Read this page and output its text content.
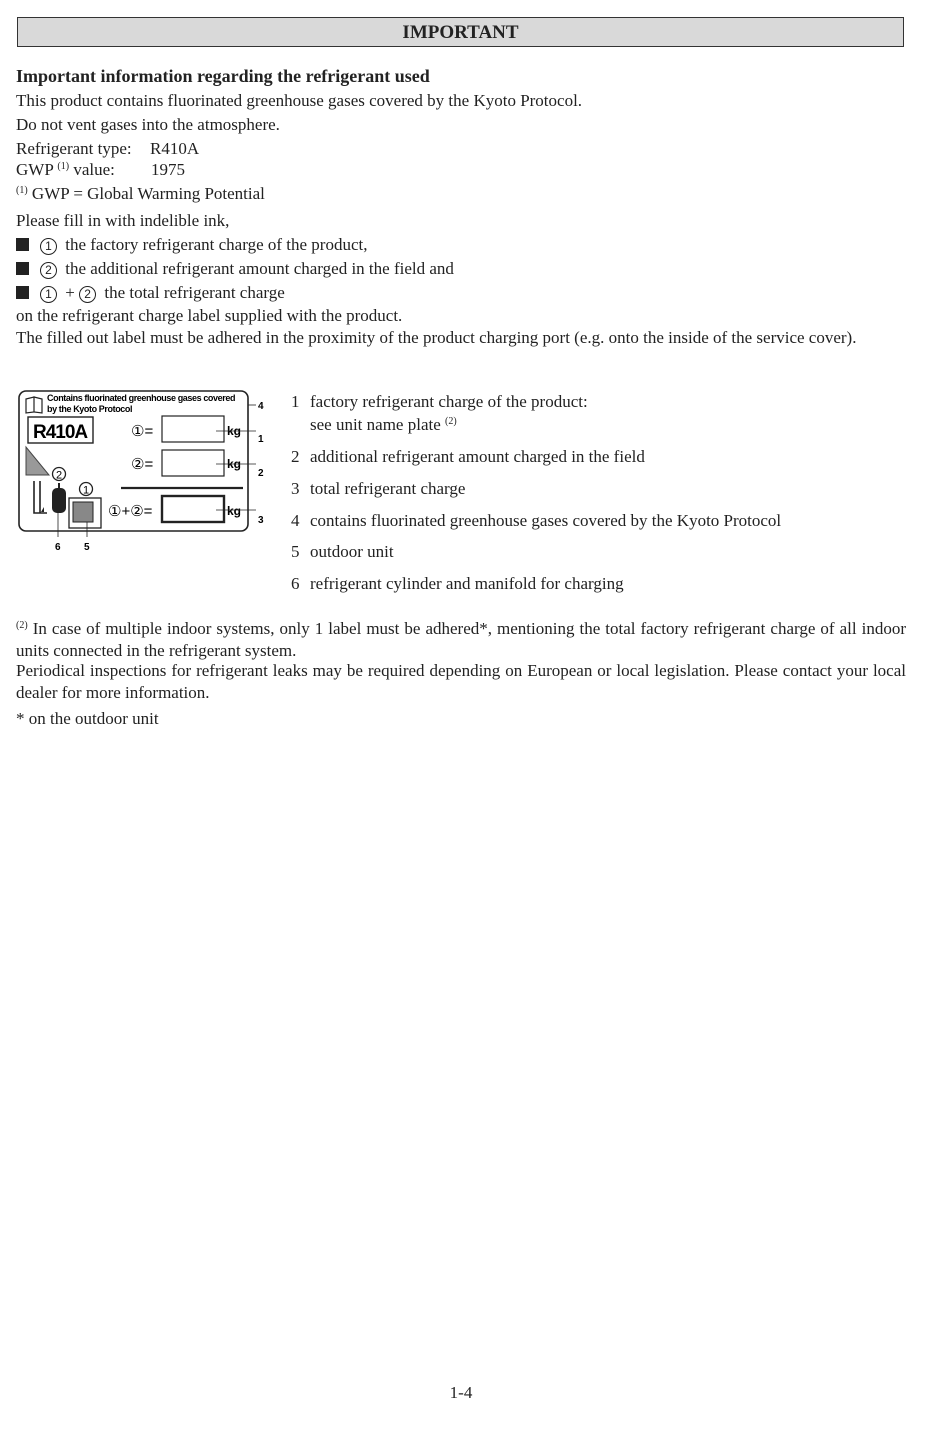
IMPORTANT
Important information regarding the refrigerant used
This product contains fluorinated greenhouse gases covered by the Kyoto Protocol.
Do not vent gases into the atmosphere.
Refrigerant type: R410A
GWP $^{(1)}$ value: 1975
$^{(1)}$ GWP = Global Warming Potential
Please fill in with indelible ink,
1 the factory refrigerant charge of the product,
2 the additional refrigerant amount charged in the field and
1 + 2 the total refrigerant charge
on the refrigerant charge label supplied with the product.
The filled out label must be adhered in the proximity of the product charging port (e.g. onto the inside of the service cover).
Contains fluorinated greenhouse gases covered
by the Kyoto Protocol
R410A	①=	kg
②=	kg
①+②=	kg
2
1
4
1
2
3
6 5
1 factory refrigerant charge of the product:
see unit name plate $^{(2)}$
2 additional refrigerant amount charged in the field
3 total refrigerant charge
4 contains fluorinated greenhouse gases covered by the Kyoto Protocol
5 outdoor unit
6 refrigerant cylinder and manifold for charging
$^{(2)}$ In case of multiple indoor systems, only 1 label must be adhered*, mentioning the total factory refrigerant charge of all indoor units connected in the refrigerant system.
Periodical inspections for refrigerant leaks may be required depending on European or local legislation. Please contact your local dealer for more information.
* on the outdoor unit
1-4
